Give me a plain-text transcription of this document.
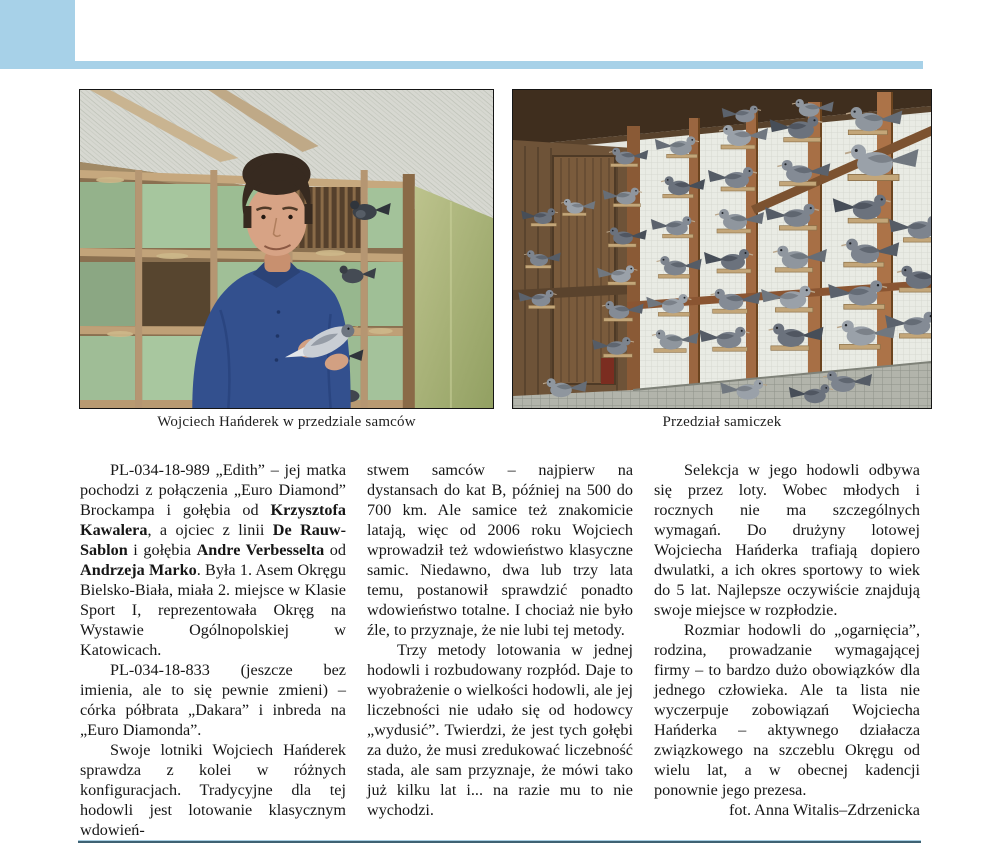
Wojciech Hańderek w przedziale samców	Przedział samiczek

PL-034-18-989 „Edith” – jej matka pochodzi z połączenia „Euro Diamond” Brockampa i gołębia od Krzysztofa Kawalera, a ojciec z linii De Rauw-Sablon i gołębia Andre Verbesselta od Andrzeja Marko. Była 1. Asem Okręgu Bielsko-Biała, miała 2. miejsce w Klasie Sport I, reprezentowała Okręg na Wystawie Ogólnopolskiej w Katowicach.

PL-034-18-833 (jeszcze bez imienia, ale to się pewnie zmieni) – córka półbrata „Dakara” i inbreda na „Euro Diamonda”.

Swoje lotniki Wojciech Hańderek sprawdza z kolei w różnych konfiguracjach. Tradycyjne dla tej hodowli jest lotowanie klasycznym wdowień-

stwem samców – najpierw na dystansach do kat B, później na 500 do 700 km. Ale samice też znakomicie latają, więc od 2006 roku Wojciech wprowadził też wdowieństwo klasyczne samic. Niedawno, dwa lub trzy lata temu, postanowił sprawdzić ponadto wdowieństwo totalne. I chociaż nie było źle, to przyznaje, że nie lubi tej metody.

Trzy metody lotowania w jednej hodowli i rozbudowany rozpłód. Daje to wyobrażenie o wielkości hodowli, ale jej liczebności nie udało się od hodowcy „wydusić”. Twierdzi, że jest tych gołębi za dużo, że musi zredukować liczebność stada, ale sam przyznaje, że mówi tako już kilku lat i... na razie mu to nie wychodzi.

Selekcja w jego hodowli odbywa się przez loty. Wobec młodych i rocznych nie ma szczególnych wymagań. Do drużyny lotowej Wojciecha Hańderka trafiają dopiero dwulatki, a ich okres sportowy to wiek do 5 lat. Najlepsze oczywiście znajdują swoje miejsce w rozpłodzie.

Rozmiar hodowli do „ogarnięcia”, rodzina, prowadzanie wymagającej firmy – to bardzo dużo obowiązków dla jednego człowieka. Ale ta lista nie wyczerpuje zobowiązań Wojciecha Hańderka – aktywnego działacza związkowego na szczeblu Okręgu od wielu lat, a w obecnej kadencji ponownie jego prezesa.

fot. Anna Witalis–Zdrzenicka
